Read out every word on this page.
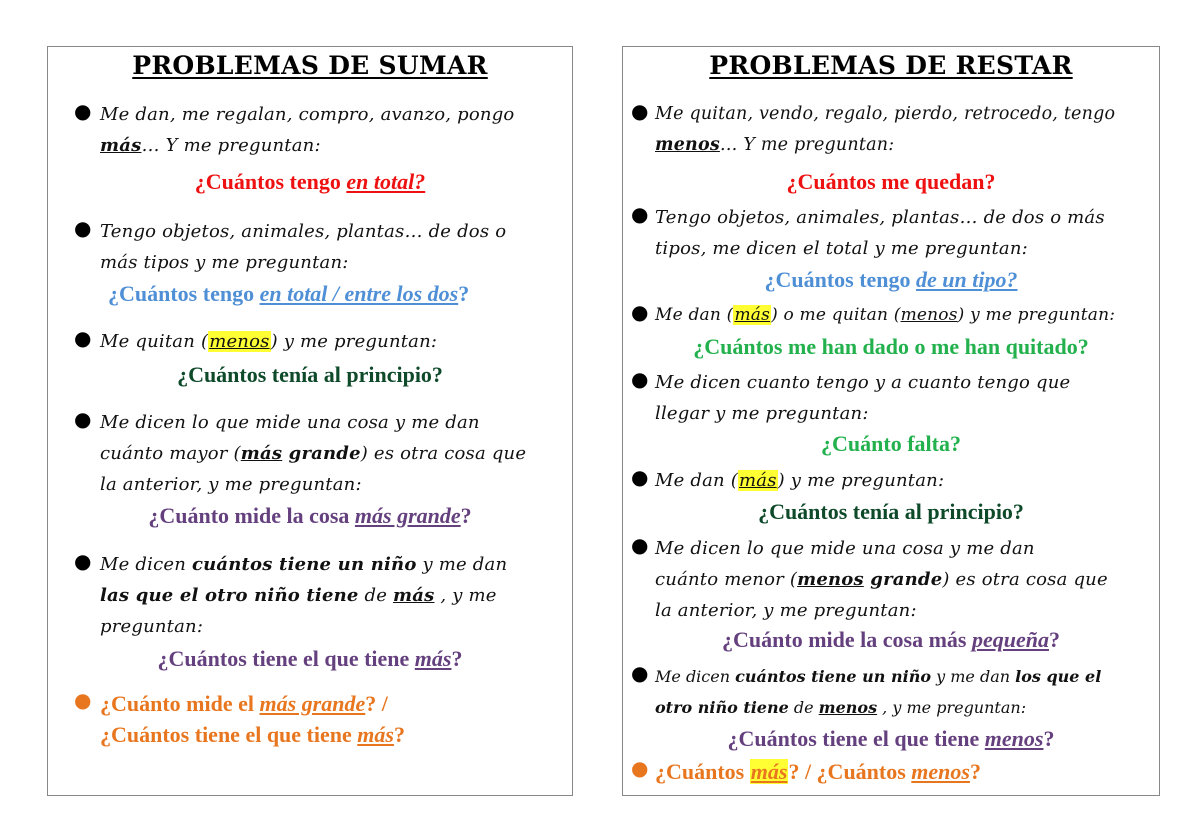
PROBLEMAS DE SUMAR
● Me dan, me regalan, compro, avanzo, pongo
más… Y me preguntan:
¿Cuántos tengo en total?
● Tengo objetos, animales, plantas… de dos o
más tipos y me preguntan:
¿Cuántos tengo en total / entre los dos?
● Me quitan (menos) y me preguntan:
¿Cuántos tenía al principio?
● Me dicen lo que mide una cosa y me dan
cuánto mayor (más grande) es otra cosa que
la anterior, y me preguntan:
¿Cuánto mide la cosa más grande?
● Me dicen cuántos tiene un niño y me dan
las que el otro niño tiene de más , y me
preguntan:
¿Cuántos tiene el que tiene más?
● ¿Cuánto mide el más grande? /
¿Cuántos tiene el que tiene más?
PROBLEMAS DE RESTAR
● Me quitan, vendo, regalo, pierdo, retrocedo, tengo
menos… Y me preguntan:
¿Cuántos me quedan?
● Tengo objetos, animales, plantas… de dos o más
tipos, me dicen el total y me preguntan:
¿Cuántos tengo de un tipo?
● Me dan (más) o me quitan (menos) y me preguntan:
¿Cuántos me han dado o me han quitado?
● Me dicen cuanto tengo y a cuanto tengo que
llegar y me preguntan:
¿Cuánto falta?
● Me dan (más) y me preguntan:
¿Cuántos tenía al principio?
● Me dicen lo que mide una cosa y me dan
cuánto menor (menos grande) es otra cosa que
la anterior, y me preguntan:
¿Cuánto mide la cosa más pequeña?
● Me dicen cuántos tiene un niño y me dan los que el
otro niño tiene de menos , y me preguntan:
¿Cuántos tiene el que tiene menos?
● ¿Cuántos más? / ¿Cuántos menos?
